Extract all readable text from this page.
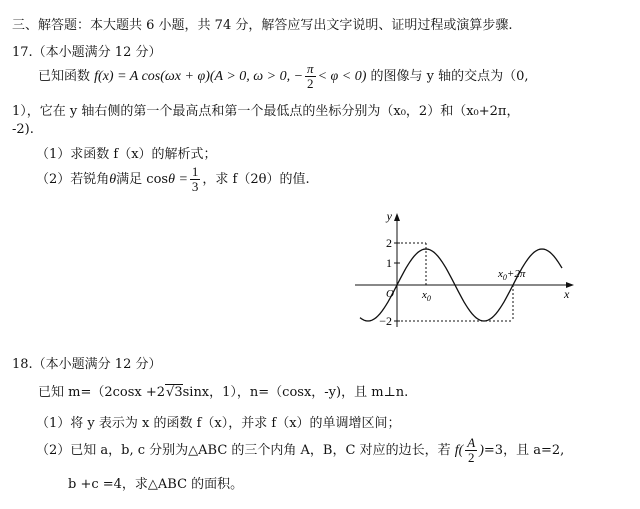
三、解答题：本大题共 6 小题，共 74 分，解答应写出文字说明、证明过程或演算步骤.
17.（本小题满分 12 分）
已知函数 f(x) = A cos(ωx + φ)(A > 0, ω > 0, − $\frac{\pi}{2} < \varphi < 0$) 的图像与 y 轴的交点为（0,
1），它在 y 轴右侧的第一个最高点和第一个最低点的坐标分别为（x₀，2）和（x₀+2π，
-2).
（1）求函数 f（x）的解析式；
（2）若锐角θ满足 $\cos\theta = \frac{1}{3}$ ，求 f（2θ）的值.
y
x
O
2
1
−2
$x_0$
$x_0+2\pi$
18.（本小题满分 12 分）
已知 m=（2cosx +2√3sinx，1），n=（cosx，-y)，且 m⊥n.
（1）将 y 表示为 x 的函数 f（x），并求 f（x）的单调增区间；
（2）已知 a，b, c 分别为△ABC 的三个内角 A，B，C 对应的边长，若 $f( \frac{A}{2} )=3$，且 a=2,
b +c =4，求△ABC 的面积。
